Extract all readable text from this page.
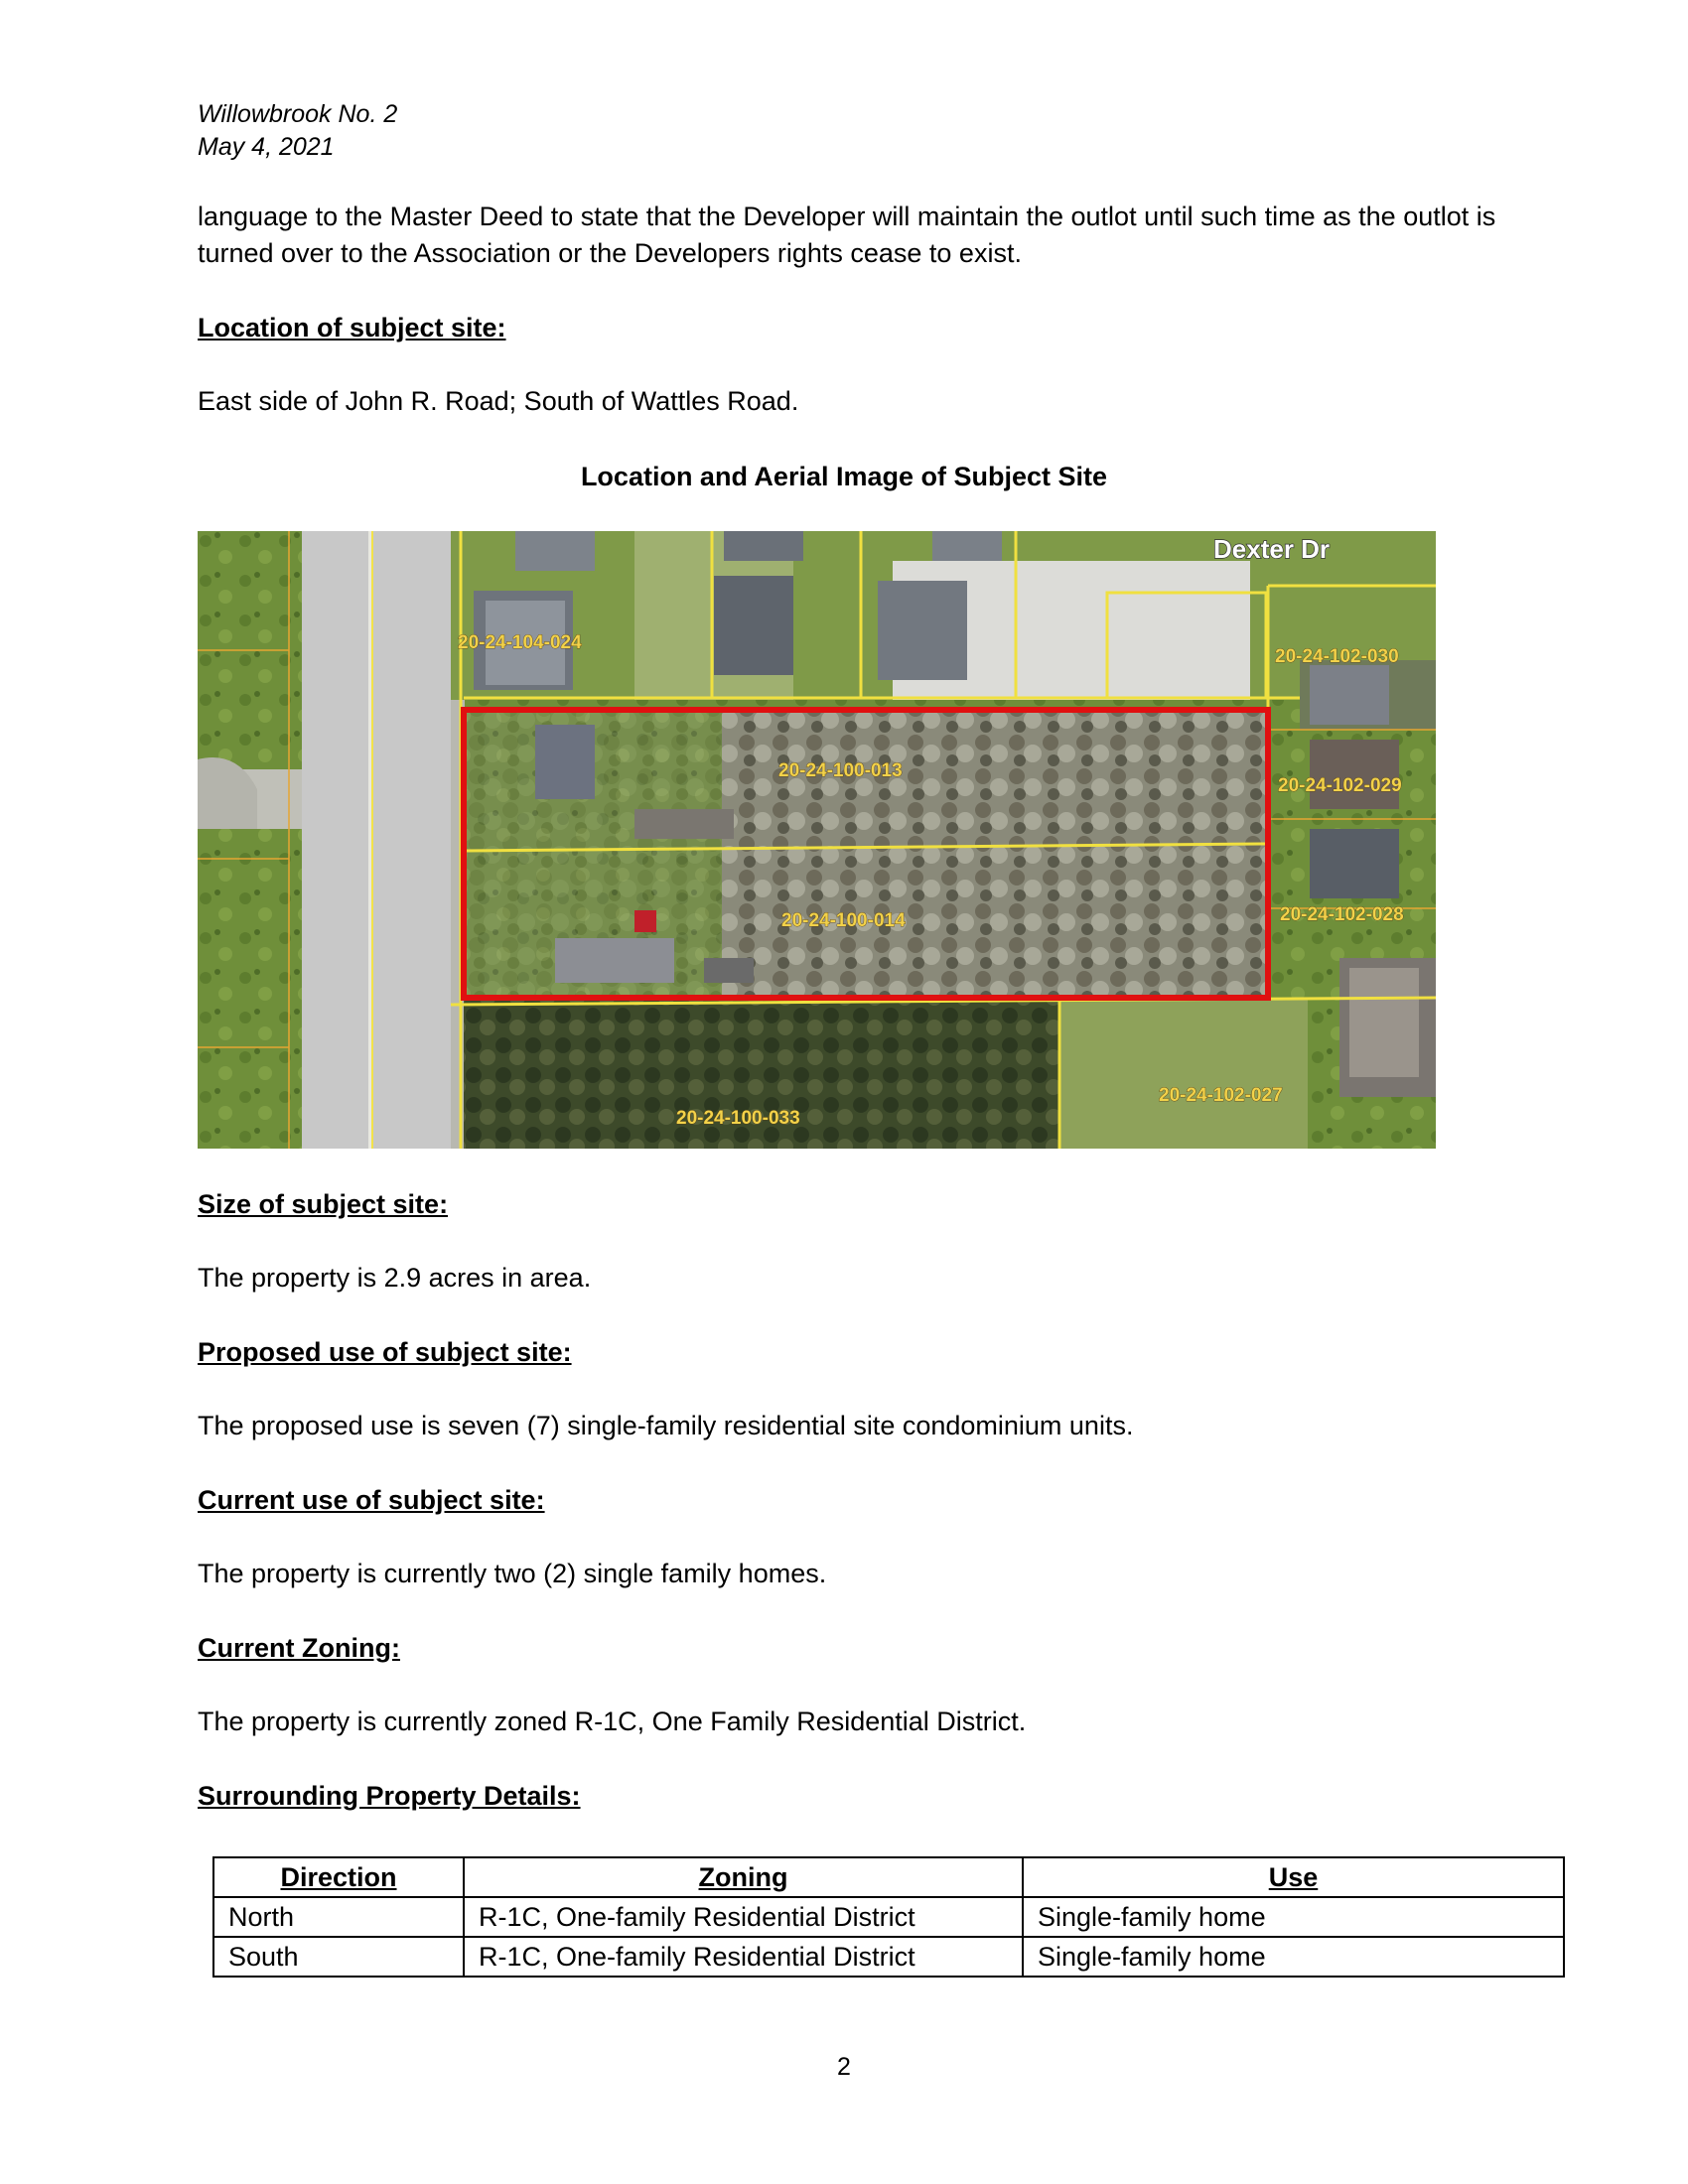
Willowbrook No. 2
May 4, 2021
language to the Master Deed to state that the Developer will maintain the outlot until such time as the outlot is turned over to the Association or the Developers rights cease to exist.
Location of subject site:
East side of John R. Road; South of Wattles Road.
Location and Aerial Image of Subject Site
Dexter Dr
20-24-104-024
20-24-102-030
20-24-100-013
20-24-102-029
20-24-100-014	20-24-102-028
20-24-102-027
20-24-100-033
Size of subject site:
The property is 2.9 acres in area.
Proposed use of subject site:
The proposed use is seven (7) single-family residential site condominium units.
Current use of subject site:
The property is currently two (2) single family homes.
Current Zoning:
The property is currently zoned R-1C, One Family Residential District.
Surrounding Property Details:
Direction	Zoning	Use
North	R-1C, One-family Residential District	Single-family home
South	R-1C, One-family Residential District	Single-family home
2
